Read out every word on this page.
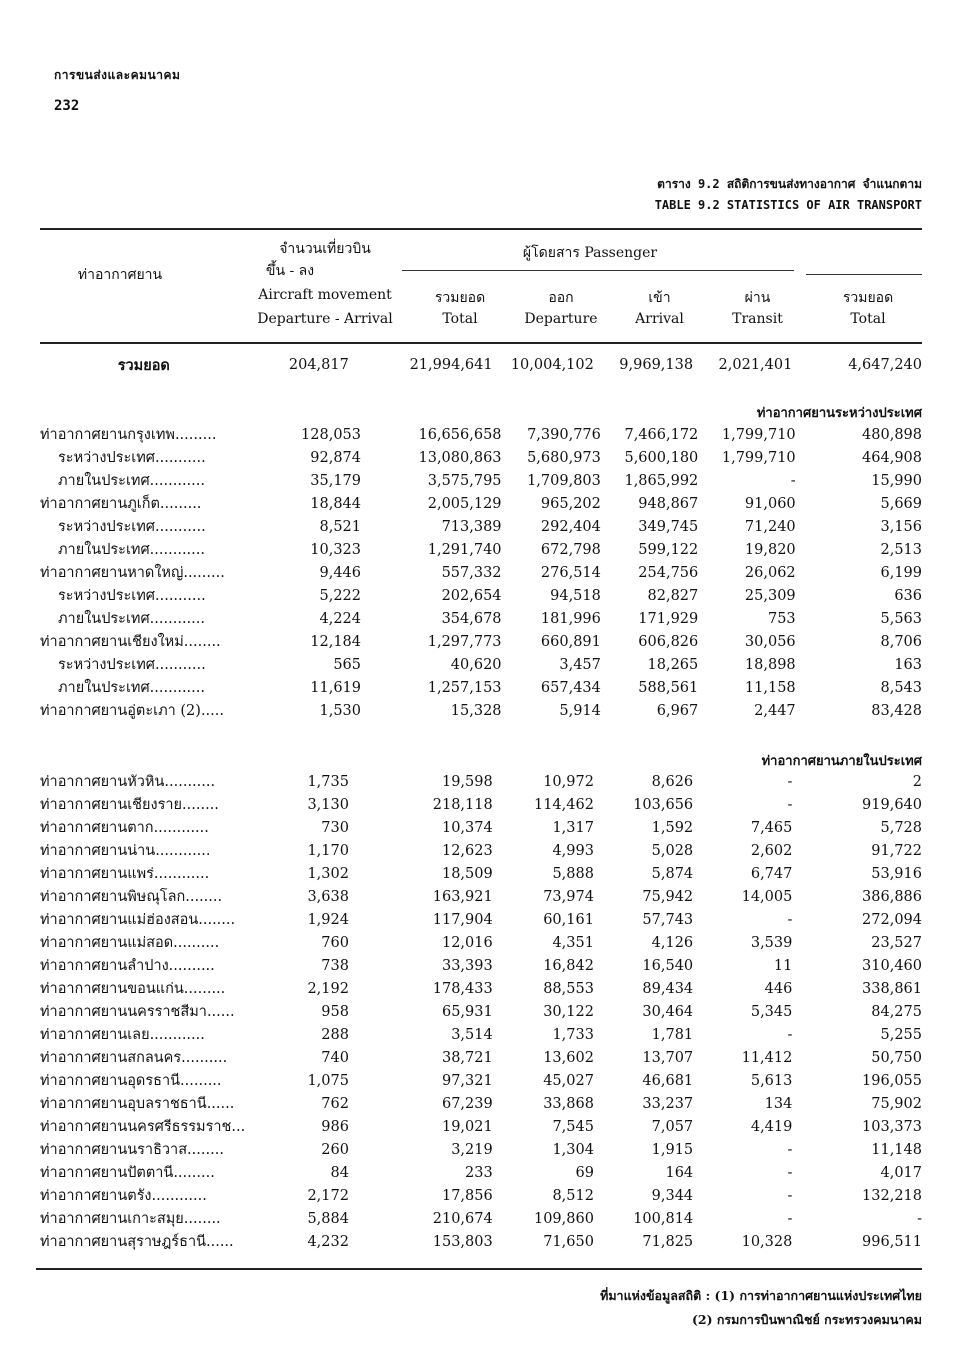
การขนส่งและคมนาคม
232
ตาราง 9.2 สถิติการขนส่งทางอากาศ จำแนกตาม
TABLE 9.2 STATISTICS OF AIR TRANSPORT
ท่าอากาศยาน
จำนวนเที่ยวบิน
ขึ้น - ลง
Aircraft movement
Departure - Arrival
ผู้โดยสาร Passenger
รวมยอด
Total
ออก
Departure
เข้า
Arrival
ผ่าน
Transit
รวมยอด
Total
รวมยอด	204,817	21,994,641	10,004,102	9,969,138	2,021,401	4,647,240
ท่าอากาศยานระหว่างประเทศ
ท่าอากาศยานกรุงเทพ.........	128,053	16,656,658	7,390,776	7,466,172	1,799,710	480,898
ระหว่างประเทศ...........	92,874	13,080,863	5,680,973	5,600,180	1,799,710	464,908
ภายในประเทศ............	35,179	3,575,795	1,709,803	1,865,992	-	15,990
ท่าอากาศยานภูเก็ต.........	18,844	2,005,129	965,202	948,867	91,060	5,669
ระหว่างประเทศ...........	8,521	713,389	292,404	349,745	71,240	3,156
ภายในประเทศ............	10,323	1,291,740	672,798	599,122	19,820	2,513
ท่าอากาศยานหาดใหญ่.........	9,446	557,332	276,514	254,756	26,062	6,199
ระหว่างประเทศ...........	5,222	202,654	94,518	82,827	25,309	636
ภายในประเทศ............	4,224	354,678	181,996	171,929	753	5,563
ท่าอากาศยานเชียงใหม่........	12,184	1,297,773	660,891	606,826	30,056	8,706
ระหว่างประเทศ...........	565	40,620	3,457	18,265	18,898	163
ภายในประเทศ............	11,619	1,257,153	657,434	588,561	11,158	8,543
ท่าอากาศยานอู่ตะเภา (2).....	1,530	15,328	5,914	6,967	2,447	83,428
ท่าอากาศยานภายในประเทศ
ท่าอากาศยานหัวหิน...........	1,735	19,598	10,972	8,626	-	2
ท่าอากาศยานเชียงราย........	3,130	218,118	114,462	103,656	-	919,640
ท่าอากาศยานตาก............	730	10,374	1,317	1,592	7,465	5,728
ท่าอากาศยานน่าน............	1,170	12,623	4,993	5,028	2,602	91,722
ท่าอากาศยานแพร่............	1,302	18,509	5,888	5,874	6,747	53,916
ท่าอากาศยานพิษณุโลก........	3,638	163,921	73,974	75,942	14,005	386,886
ท่าอากาศยานแม่ฮ่องสอน........	1,924	117,904	60,161	57,743	-	272,094
ท่าอากาศยานแม่สอด..........	760	12,016	4,351	4,126	3,539	23,527
ท่าอากาศยานลำปาง..........	738	33,393	16,842	16,540	11	310,460
ท่าอากาศยานขอนแก่น.........	2,192	178,433	88,553	89,434	446	338,861
ท่าอากาศยานนครราชสีมา......	958	65,931	30,122	30,464	5,345	84,275
ท่าอากาศยานเลย............	288	3,514	1,733	1,781	-	5,255
ท่าอากาศยานสกลนคร..........	740	38,721	13,602	13,707	11,412	50,750
ท่าอากาศยานอุดรธานี.........	1,075	97,321	45,027	46,681	5,613	196,055
ท่าอากาศยานอุบลราชธานี......	762	67,239	33,868	33,237	134	75,902
ท่าอากาศยานนครศรีธรรมราช...	986	19,021	7,545	7,057	4,419	103,373
ท่าอากาศยานนราธิวาส........	260	3,219	1,304	1,915	-	11,148
ท่าอากาศยานปัตตานี.........	84	233	69	164	-	4,017
ท่าอากาศยานตรัง............	2,172	17,856	8,512	9,344	-	132,218
ท่าอากาศยานเกาะสมุย........	5,884	210,674	109,860	100,814	-	-
ท่าอากาศยานสุราษฎร์ธานี......	4,232	153,803	71,650	71,825	10,328	996,511
ที่มาแห่งข้อมูลสถิติ : (1) การท่าอากาศยานแห่งประเทศไทย
(2) กรมการบินพาณิชย์ กระทรวงคมนาคม
